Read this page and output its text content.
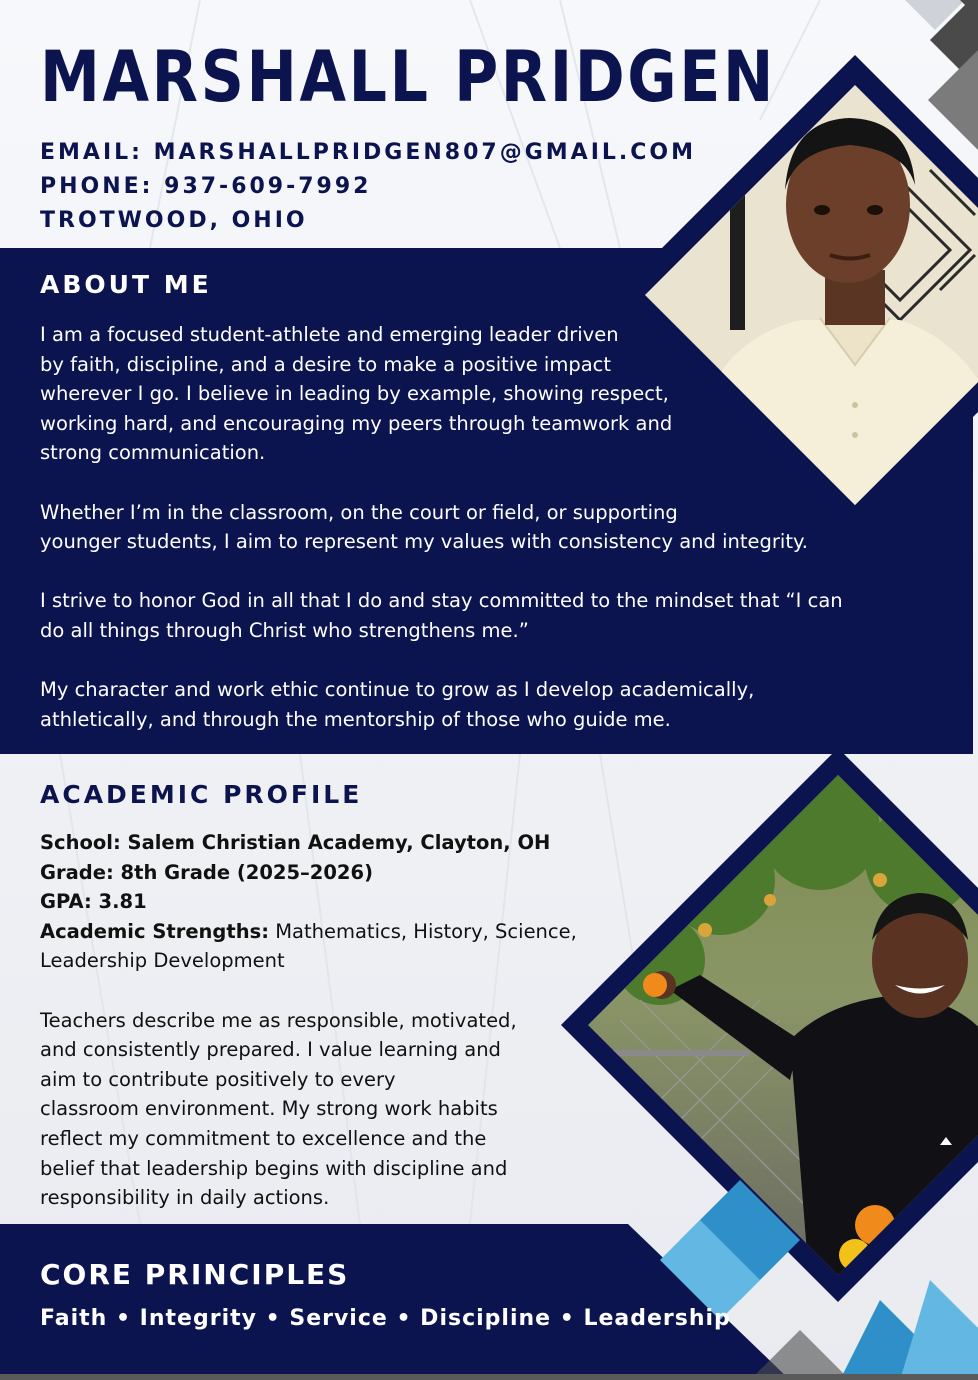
MARSHALL PRIDGEN
EMAIL: MARSHALLPRIDGEN807@GMAIL.COM
PHONE: 937-609-7992
TROTWOOD, OHIO
ABOUT ME

I am a focused student-athlete and emerging leader driven
by faith, discipline, and a desire to make a positive impact
wherever I go. I believe in leading by example, showing respect,
working hard, and encouraging my peers through teamwork and
strong communication.

Whether I’m in the classroom, on the court or field, or supporting
younger students, I aim to represent my values with consistency and integrity.

I strive to honor God in all that I do and stay committed to the mindset that “I can
do all things through Christ who strengthens me.”

My character and work ethic continue to grow as I develop academically,
athletically, and through the mentorship of those who guide me.

ACADEMIC PROFILE
School: Salem Christian Academy, Clayton, OH
Grade: 8th Grade (2025–2026)
GPA: 3.81
Academic Strengths: Mathematics, History, Science,
Leadership Development
Teachers describe me as responsible, motivated,
and consistently prepared. I value learning and
aim to contribute positively to every
classroom environment. My strong work habits
reflect my commitment to excellence and the
belief that leadership begins with discipline and
responsibility in daily actions.
CORE PRINCIPLES

Faith • Integrity • Service • Discipline • Leadership
